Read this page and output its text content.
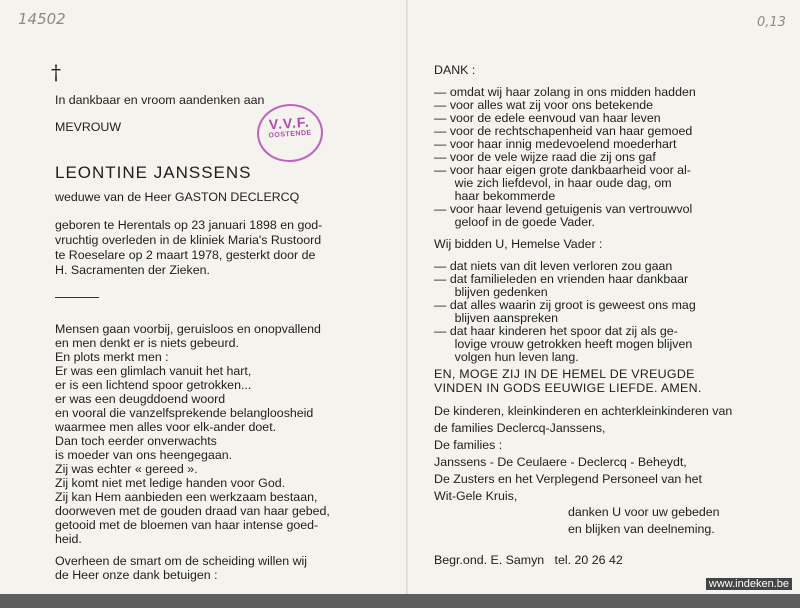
14502	0,13
†
In dankbaar en vroom aandenken aan
MEVROUW	V.V.F.
OOSTENDE
LEONTINE JANSSENS
weduwe van de Heer GASTON DECLERCQ
geboren te Herentals op 23 januari 1898 en god-
vruchtig overleden in de kliniek Maria's Rustoord
te Roeselare op 2 maart 1978, gesterkt door de
H. Sacramenten der Zieken.
Mensen gaan voorbij, geruisloos en onopvallend
en men denkt er is niets gebeurd.
En plots merkt men :
Er was een glimlach vanuit het hart,
er is een lichtend spoor getrokken...
er was een deugddoend woord
en vooral die vanzelfsprekende belangloosheid
waarmee men alles voor elk-ander doet.
Dan toch eerder onverwachts
is moeder van ons heengegaan.
Zij was echter « gereed ».
Zij komt niet met ledige handen voor God.
Zij kan Hem aanbieden een werkzaam bestaan,
doorweven met de gouden draad van haar gebed,
getooid met de bloemen van haar intense goed-
heid.
Overheen de smart om de scheiding willen wij
de Heer onze dank betuigen :
DANK :
— omdat wij haar zolang in ons midden hadden
— voor alles wat zij voor ons betekende
— voor de edele eenvoud van haar leven
— voor de rechtschapenheid van haar gemoed
— voor haar innig medevoelend moederhart
— voor de vele wijze raad die zij ons gaf
— voor haar eigen grote dankbaarheid voor al-
wie zich liefdevol, in haar oude dag, om
haar bekommerde
— voor haar levend getuigenis van vertrouwvol
geloof in de goede Vader.
Wij bidden U, Hemelse Vader :
— dat niets van dit leven verloren zou gaan
— dat familieleden en vrienden haar dankbaar
blijven gedenken
— dat alles waarin zij groot is geweest ons mag
blijven aanspreken
— dat haar kinderen het spoor dat zij als ge-
lovige vrouw getrokken heeft mogen blijven
volgen hun leven lang.
EN, MOGE ZIJ IN DE HEMEL DE VREUGDE
VINDEN IN GODS EEUWIGE LIEFDE. AMEN.
De kinderen, kleinkinderen en achterkleinkinderen van
de families Declercq-Janssens,
De families :
Janssens - De Ceulaere - Declercq - Beheydt,
De Zusters en het Verplegend Personeel van het
Wit-Gele Kruis,
danken U voor uw gebeden
en blijken van deelneming.
Begr.ond. E. Samyn   tel. 20 26 42
www.indeken.be
